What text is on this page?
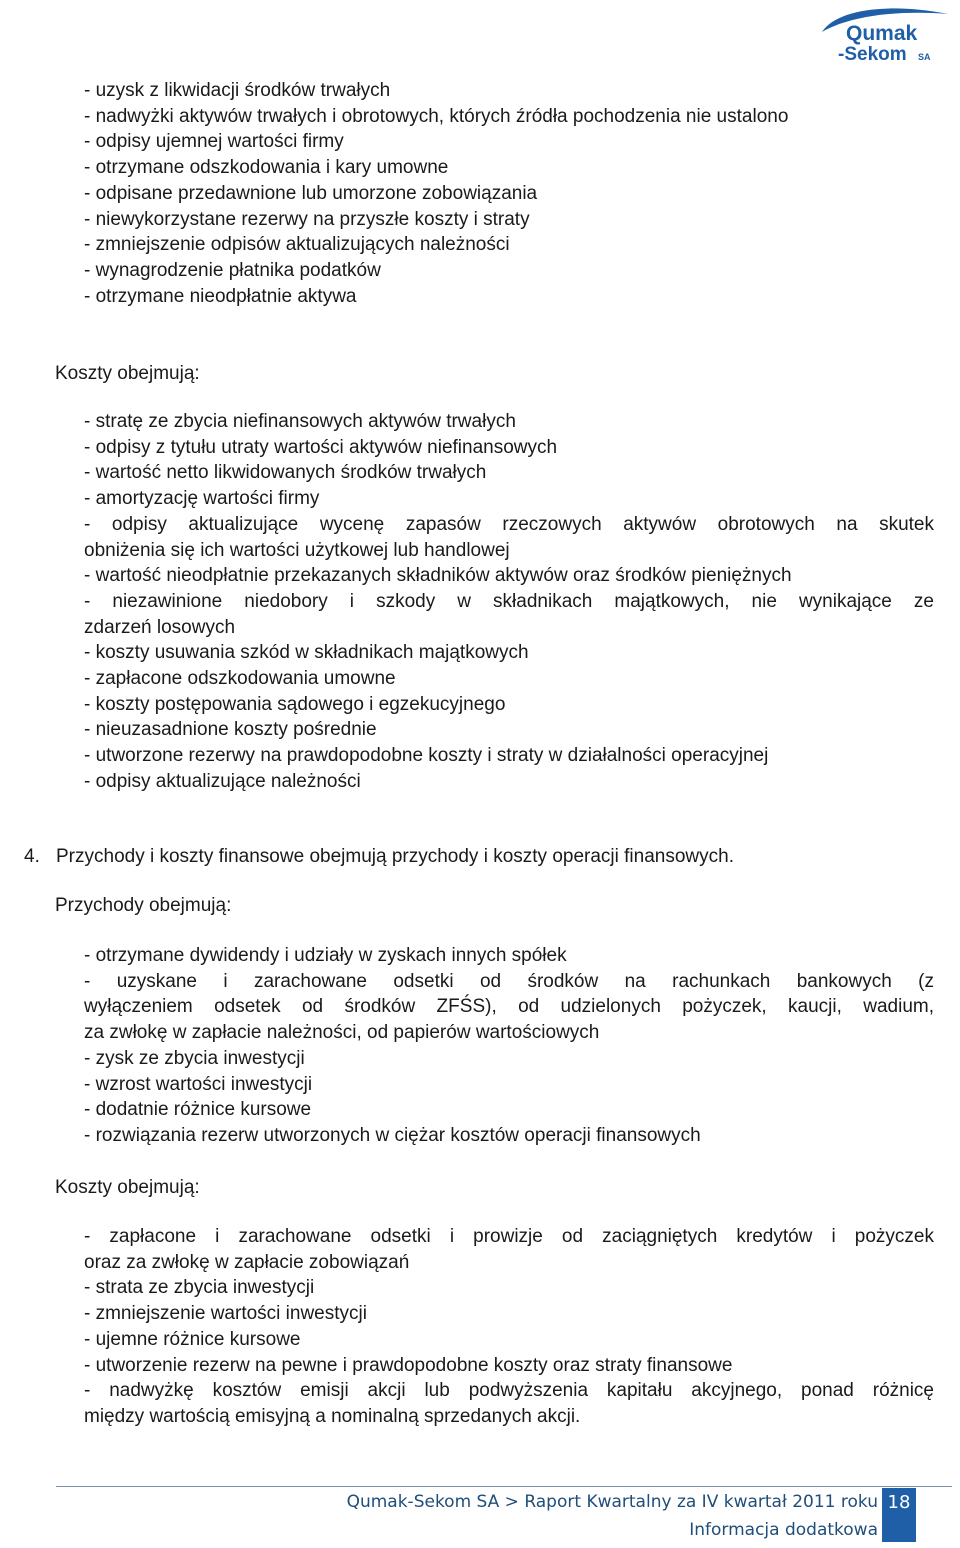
Qumak
-Sekom SA
- uzysk z likwidacji środków trwałych
- nadwyżki aktywów trwałych i obrotowych, których źródła pochodzenia nie ustalono
- odpisy ujemnej wartości firmy
- otrzymane odszkodowania i kary umowne
- odpisane przedawnione lub umorzone zobowiązania
- niewykorzystane rezerwy na przyszłe koszty i straty
- zmniejszenie odpisów aktualizujących należności
- wynagrodzenie płatnika podatków
- otrzymane nieodpłatnie aktywa
Koszty obejmują:
- stratę ze zbycia niefinansowych aktywów trwałych
- odpisy z tytułu utraty wartości aktywów niefinansowych
- wartość netto likwidowanych środków trwałych
- amortyzację wartości firmy
- odpisy aktualizujące wycenę zapasów rzeczowych aktywów obrotowych na skutek
obniżenia się ich wartości użytkowej lub handlowej
- wartość nieodpłatnie przekazanych składników aktywów oraz środków pieniężnych
- niezawinione niedobory i szkody w składnikach majątkowych, nie wynikające ze
zdarzeń losowych
- koszty usuwania szkód w składnikach majątkowych
- zapłacone odszkodowania umowne
- koszty postępowania sądowego i egzekucyjnego
- nieuzasadnione koszty pośrednie
- utworzone rezerwy na prawdopodobne koszty i straty w działalności operacyjnej
- odpisy aktualizujące należności
4. Przychody i koszty finansowe obejmują przychody i koszty operacji finansowych.
Przychody obejmują:
- otrzymane dywidendy i udziały w zyskach innych spółek
- uzyskane i zarachowane odsetki od środków na rachunkach bankowych (z
wyłączeniem odsetek od środków ZFŚS), od udzielonych pożyczek, kaucji, wadium,
za zwłokę w zapłacie należności, od papierów wartościowych
- zysk ze zbycia inwestycji
- wzrost wartości inwestycji
- dodatnie różnice kursowe
- rozwiązania rezerw utworzonych w ciężar kosztów operacji finansowych
Koszty obejmują:
- zapłacone i zarachowane odsetki i prowizje od zaciągniętych kredytów i pożyczek
oraz za zwłokę w zapłacie zobowiązań
- strata ze zbycia inwestycji
- zmniejszenie wartości inwestycji
- ujemne różnice kursowe
- utworzenie rezerw na pewne i prawdopodobne koszty oraz straty finansowe
- nadwyżkę kosztów emisji akcji lub podwyższenia kapitału akcyjnego, ponad różnicę
między wartością emisyjną a nominalną sprzedanych akcji.
Qumak-Sekom SA > Raport Kwartalny za IV kwartał 2011 roku
Informacja dodatkowa
18
